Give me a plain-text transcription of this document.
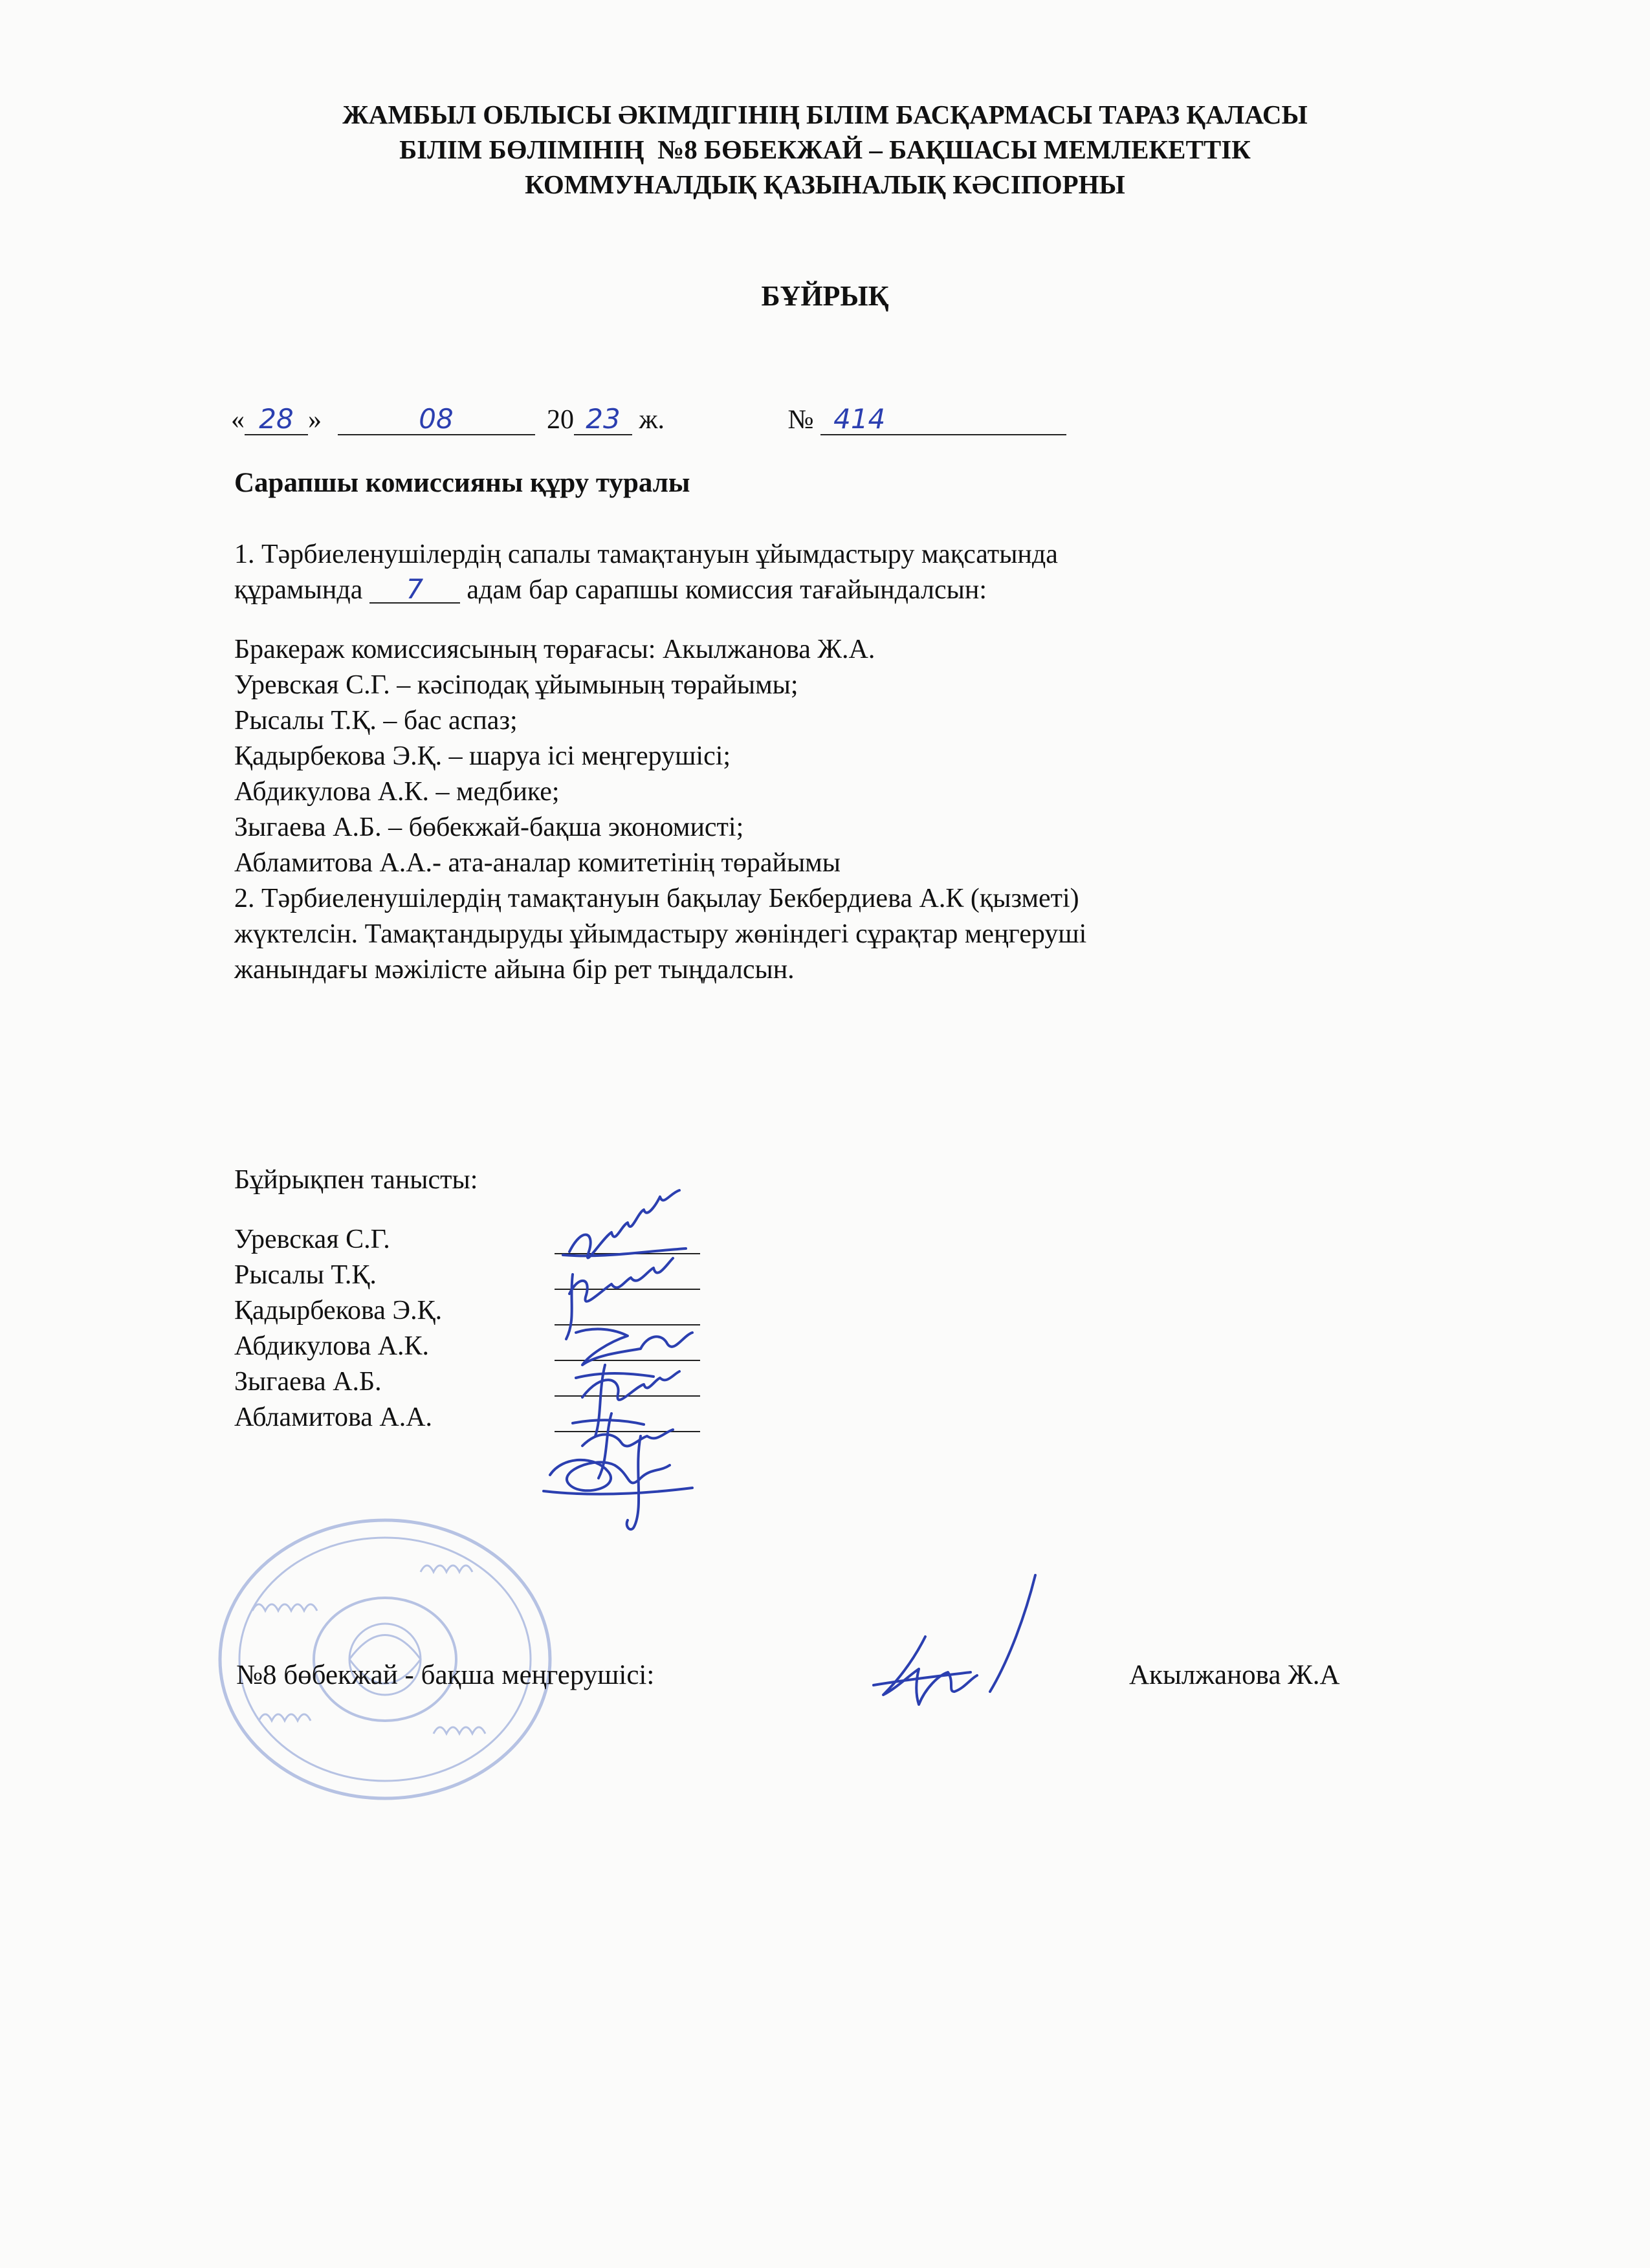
ЖАМБЫЛ ОБЛЫСЫ ӘКІМДІГІНІҢ БІЛІМ БАСҚАРМАСЫ ТАРАЗ ҚАЛАСЫ
БІЛІМ БӨЛІМІНІҢ  №8 БӨБЕКЖАЙ – БАҚШАСЫ МЕМЛЕКЕТТІК
КОММУНАЛДЫҚ ҚАЗЫНАЛЫҚ КӘСІПОРНЫ
БҰЙРЫҚ
« 28 »	08	20 23 ж.	№ 414
Сарапшы комиссияны құру туралы
1. Тәрбиеленушілердің сапалы тамақтануын ұйымдастыру мақсатында
құрамында 7 адам бар сарапшы комиссия тағайындалсын:
Бракераж комиссиясының төрағасы: Акылжанова Ж.А.
Уревская С.Г. – кәсіподақ ұйымының төрайымы;
Рысалы Т.Қ. – бас аспаз;
Қадырбекова Э.Қ. – шаруа ісі меңгерушісі;
Абдикулова А.К. – медбике;
Зыгаева А.Б. – бөбекжай-бақша экономисті;
Абламитова А.А.- ата-аналар комитетінің төрайымы
2. Тәрбиеленушілердің тамақтануын бақылау Бекбердиева А.К (қызметі)
жүктелсін. Тамақтандыруды ұйымдастыру жөніндегі сұрақтар меңгеруші
жанындағы мәжілісте айына бір рет тыңдалсын.
Бұйрықпен танысты:
Уревская С.Г.
Рысалы Т.Қ.
Қадырбекова Э.Қ.
Абдикулова А.К.
Зыгаева А.Б.
Абламитова А.А.
№8 бөбекжай - бақша меңгерушісі:	Акылжанова Ж.А
